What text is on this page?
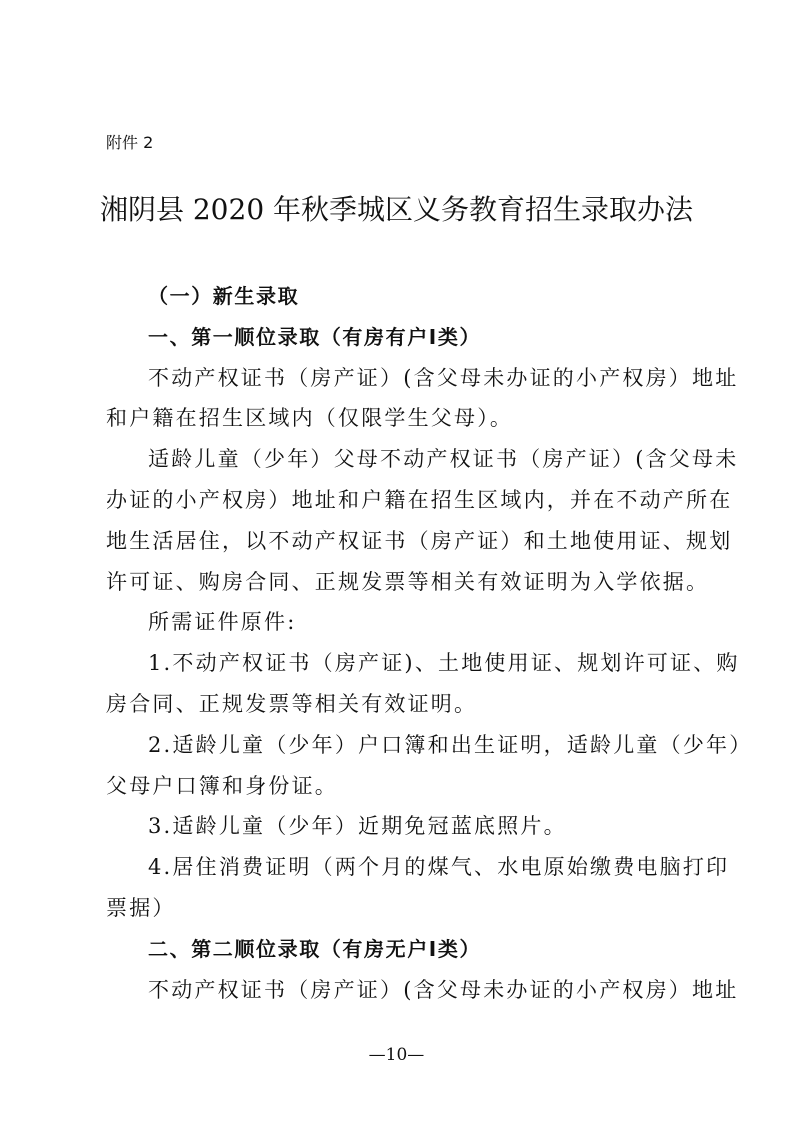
附件 2
湘阴县 2020 年秋季城区义务教育招生录取办法
（一）新生录取
一、第一顺位录取（有房有户Ⅰ类）
不动产权证书（房产证）(含父母未办证的小产权房）地址
和户籍在招生区域内（仅限学生父母）。
适龄儿童（少年）父母不动产权证书（房产证）(含父母未
办证的小产权房）地址和户籍在招生区域内，并在不动产所在
地生活居住，以不动产权证书（房产证）和土地使用证、规划
许可证、购房合同、正规发票等相关有效证明为入学依据。
所需证件原件:
1.不动产权证书（房产证)、土地使用证、规划许可证、购
房合同、正规发票等相关有效证明。
2.适龄儿童（少年）户口簿和出生证明，适龄儿童（少年）
父母户口簿和身份证。
3.适龄儿童（少年）近期免冠蓝底照片。
4.居住消费证明（两个月的煤气、水电原始缴费电脑打印
票据）
二、第二顺位录取（有房无户Ⅰ类）
不动产权证书（房产证）(含父母未办证的小产权房）地址
—10—
